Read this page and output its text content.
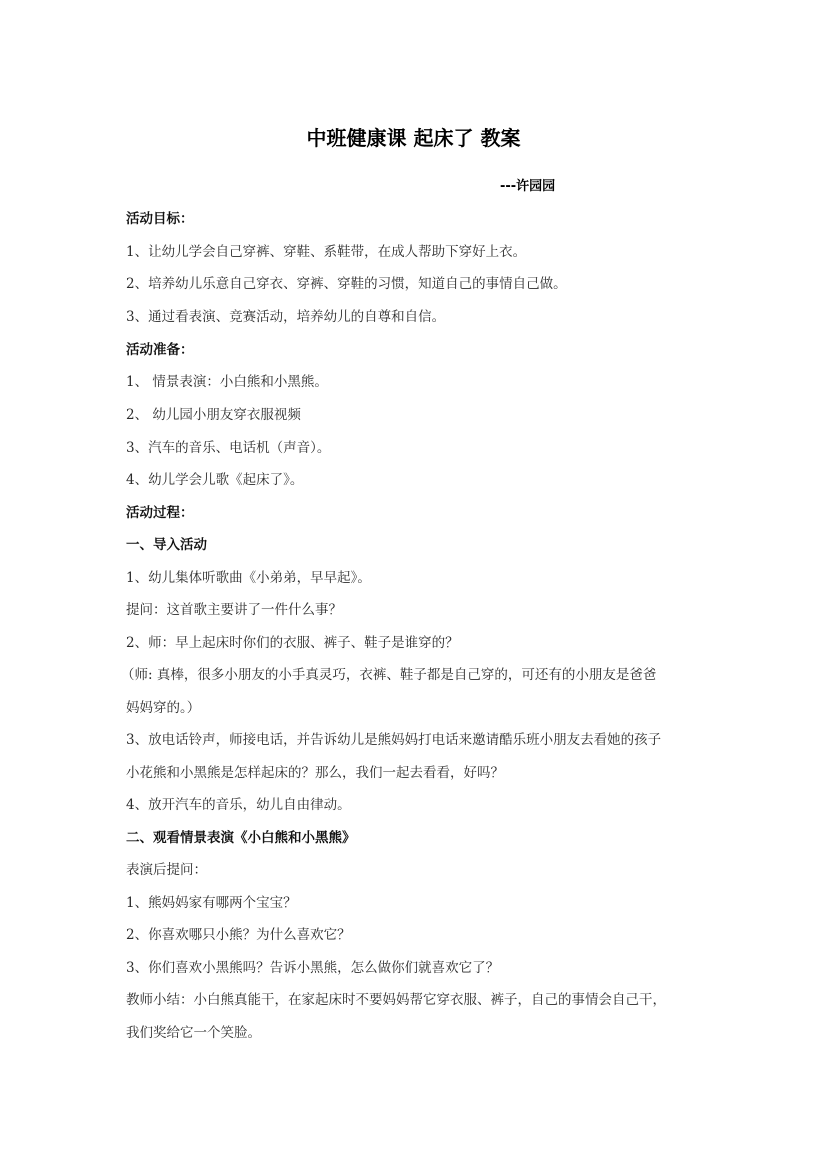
中班健康课 起床了 教案
---许园园
活动目标：
1、让幼儿学会自己穿裤、穿鞋、系鞋带，在成人帮助下穿好上衣。
2、培养幼儿乐意自己穿衣、穿裤、穿鞋的习惯，知道自己的事情自己做。
3、通过看表演、竞赛活动，培养幼儿的自尊和自信。
活动准备：
1、 情景表演：小白熊和小黑熊。
2、 幼儿园小朋友穿衣服视频
3、汽车的音乐、电话机（声音）。
4、幼儿学会儿歌《起床了》。
活动过程：
一、导入活动
1、幼儿集体听歌曲《小弟弟，早早起》。
提问：这首歌主要讲了一件什么事？
2、师：早上起床时你们的衣服、裤子、鞋子是谁穿的？
（师: 真棒，很多小朋友的小手真灵巧，衣裤、鞋子都是自己穿的，可还有的小朋友是爸爸
妈妈穿的。）
3、放电话铃声，师接电话，并告诉幼儿是熊妈妈打电话来邀请酷乐班小朋友去看她的孩子
小花熊和小黑熊是怎样起床的？那么，我们一起去看看，好吗？
4、放开汽车的音乐，幼儿自由律动。
二、观看情景表演《小白熊和小黑熊》
表演后提问：
1、熊妈妈家有哪两个宝宝？
2、你喜欢哪只小熊？为什么喜欢它？
3、你们喜欢小黑熊吗？告诉小黑熊，怎么做你们就喜欢它了？
教师小结：小白熊真能干，在家起床时不要妈妈帮它穿衣服、裤子，自己的事情会自己干，
我们奖给它一个笑脸。
